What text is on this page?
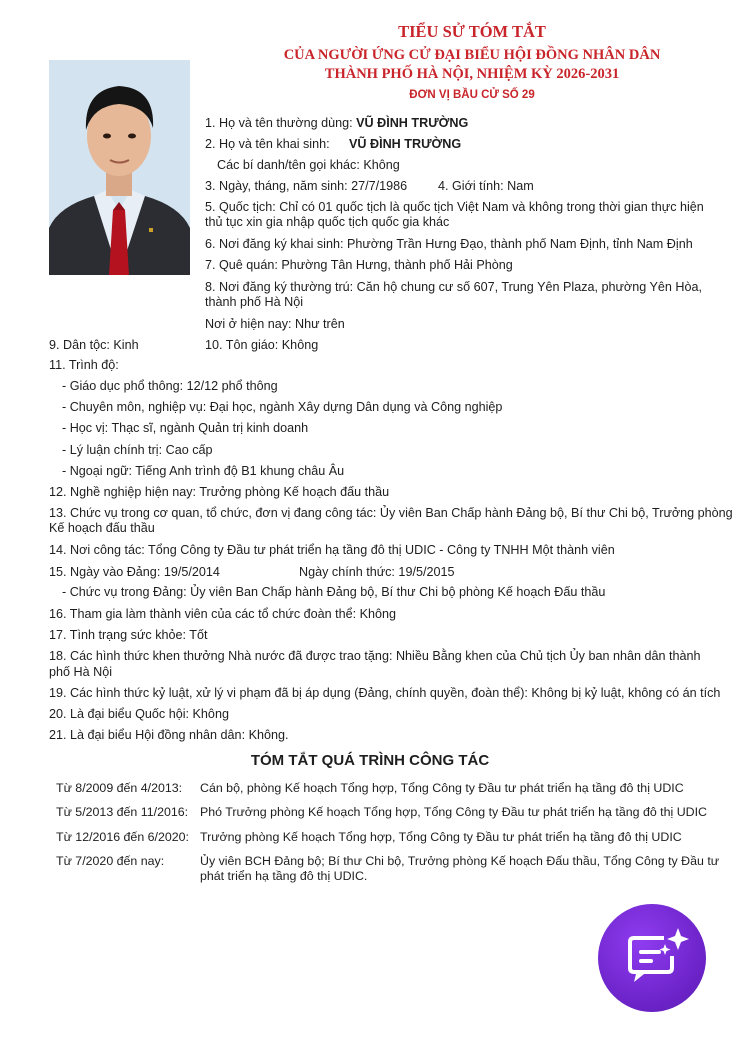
TIỂU SỬ TÓM TẮT
CỦA NGƯỜI ỨNG CỬ ĐẠI BIỂU HỘI ĐỒNG NHÂN DÂN
THÀNH PHỐ HÀ NỘI, NHIỆM KỲ 2026-2031
ĐƠN VỊ BẦU CỬ SỐ 29
1. Họ và tên thường dùng: VŨ ĐÌNH TRƯỜNG
2. Họ và tên khai sinh: VŨ ĐÌNH TRƯỜNG
Các bí danh/tên gọi khác: Không
3. Ngày, tháng, năm sinh: 27/7/1986 4. Giới tính: Nam
5. Quốc tịch: Chỉ có 01 quốc tịch là quốc tịch Việt Nam và không trong thời gian thực hiện
thủ tục xin gia nhập quốc tịch quốc gia khác
6. Nơi đăng ký khai sinh: Phường Trần Hưng Đạo, thành phố Nam Định, tỉnh Nam Định
7. Quê quán: Phường Tân Hưng, thành phố Hải Phòng
8. Nơi đăng ký thường trú: Căn hộ chung cư số 607, Trung Yên Plaza, phường Yên Hòa,
thành phố Hà Nội
Nơi ở hiện nay: Như trên
9. Dân tộc: Kinh	10. Tôn giáo: Không
11. Trình độ:
- Giáo dục phổ thông: 12/12 phổ thông
- Chuyên môn, nghiệp vụ: Đại học, ngành Xây dựng Dân dụng và Công nghiệp
- Học vị: Thạc sĩ, ngành Quản trị kinh doanh
- Lý luận chính trị: Cao cấp
- Ngoại ngữ: Tiếng Anh trình độ B1 khung châu Âu
12. Nghề nghiệp hiện nay: Trưởng phòng Kế hoạch đấu thầu
13. Chức vụ trong cơ quan, tổ chức, đơn vị đang công tác: Ủy viên Ban Chấp hành Đảng bộ, Bí thư Chi bộ, Trưởng phòng
Kế hoạch đấu thầu
14. Nơi công tác: Tổng Công ty Đầu tư phát triển hạ tầng đô thị UDIC - Công ty TNHH Một thành viên
15. Ngày vào Đảng: 19/5/2014	Ngày chính thức: 19/5/2015
- Chức vụ trong Đảng: Ủy viên Ban Chấp hành Đảng bộ, Bí thư Chi bộ phòng Kế hoạch Đấu thầu
16. Tham gia làm thành viên của các tổ chức đoàn thể: Không
17. Tình trạng sức khỏe: Tốt
18. Các hình thức khen thưởng Nhà nước đã được trao tặng: Nhiều Bằng khen của Chủ tịch Ủy ban nhân dân thành
phố Hà Nội
19. Các hình thức kỷ luật, xử lý vi phạm đã bị áp dụng (Đảng, chính quyền, đoàn thể): Không bị kỷ luật, không có án tích
20. Là đại biểu Quốc hội: Không
21. Là đại biểu Hội đồng nhân dân: Không.
TÓM TẮT QUÁ TRÌNH CÔNG TÁC
Từ 8/2009 đến 4/2013: Cán bộ, phòng Kế hoạch Tổng hợp, Tổng Công ty Đầu tư phát triển hạ tầng đô thị UDIC
Từ 5/2013 đến 11/2016: Phó Trưởng phòng Kế hoạch Tổng hợp, Tổng Công ty Đầu tư phát triển hạ tầng đô thị UDIC
Từ 12/2016 đến 6/2020: Trưởng phòng Kế hoạch Tổng hợp, Tổng Công ty Đầu tư phát triển hạ tầng đô thị UDIC
Từ 7/2020 đến nay:	Ủy viên BCH Đảng bộ; Bí thư Chi bộ, Trưởng phòng Kế hoạch Đấu thầu, Tổng Công ty Đầu tư
phát triển hạ tầng đô thị UDIC.
